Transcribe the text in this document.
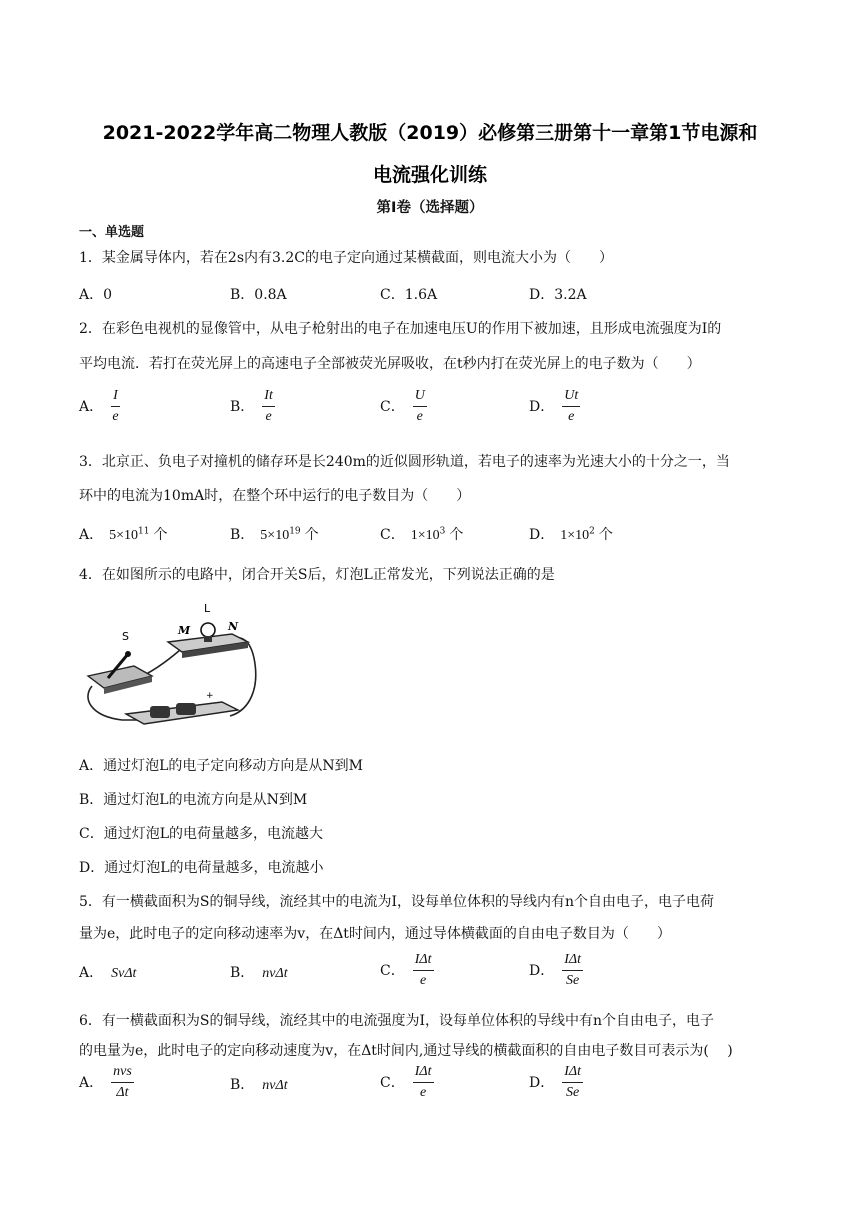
2021-2022学年高二物理人教版（2019）必修第三册第十一章第1节电源和
电流强化训练
第Ⅰ卷（选择题）
一、单选题
1．某金属导体内，若在2s内有3.2C的电子定向通过某横截面，则电流大小为（　　）
A．0	B．0.8A	C．1.6A	D．3.2A
2．在彩色电视机的显像管中，从电子枪射出的电子在加速电压U的作用下被加速，且形成电流强度为I的
平均电流．若打在荧光屏上的高速电子全部被荧光屏吸收，在t秒内打在荧光屏上的电子数为（　　）
A． $\frac{I}{e}$	B． $\frac{It}{e}$	C． $\frac{U}{e}$	D． $\frac{Ut}{e}$
3．北京正、负电子对撞机的储存环是长240m的近似圆形轨道，若电子的速率为光速大小的十分之一，当
环中的电流为10mA时，在整个环中运行的电子数目为（　　）
A． $5\times 10^{11}$ 个	B． $5\times 10^{19}$ 个	C． $1\times 10^3$ 个	D． $1\times 10^2$ 个
4．在如图所示的电路中，闭合开关S后，灯泡L正常发光，下列说法正确的是
S
L
M	N
+
A．通过灯泡L的电子定向移动方向是从N到M
B．通过灯泡L的电流方向是从N到M
C．通过灯泡L的电荷量越多，电流越大
D．通过灯泡L的电荷量越多，电流越小
5．有一横截面积为S的铜导线，流经其中的电流为I，设每单位体积的导线内有n个自由电子，电子电荷
量为e，此时电子的定向移动速率为v，在Δt时间内，通过导体横截面的自由电子数目为（　　）
A． SvΔt	B． nvΔt	C． $\frac{\text{IΔt}}{e}$	D． $\frac{\text{IΔt}}{Se}$
6．有一横截面积为S的铜导线，流经其中的电流强度为I，设每单位体积的导线中有n个自由电子，电子
的电量为e，此时电子的定向移动速度为v，在Δt时间内,通过导线的横截面积的自由电子数目可表示为(　 )
A． $\frac{\text{nvs}}{\Delta t}$	B． nvΔt	C． $\frac{\text{IΔt}}{e}$	D． $\frac{\text{IΔt}}{Se}$
